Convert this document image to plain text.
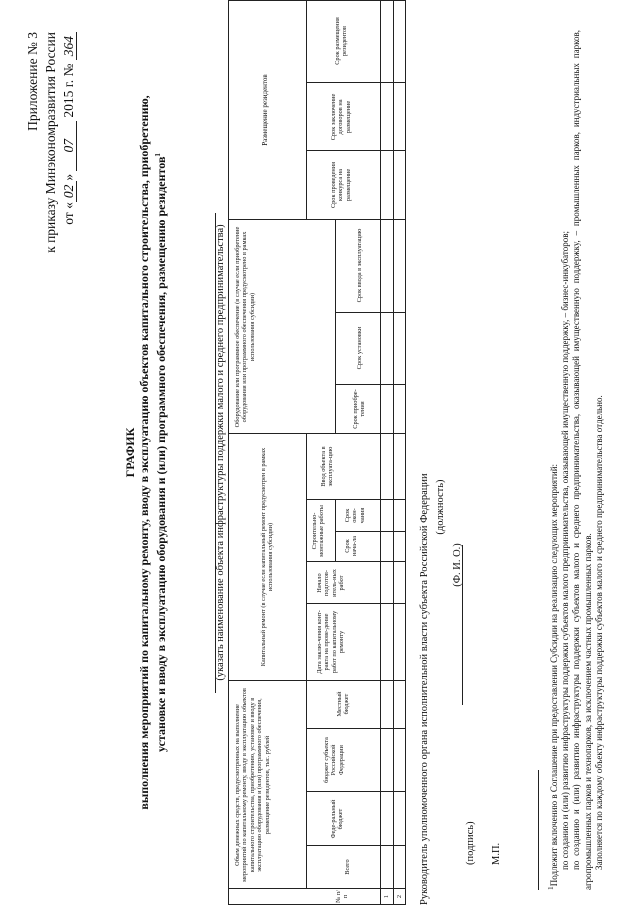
Приложение № 3 к приказу Минэкономразвития России от «02» 07 2015 г. № 364
ГРАФИК выполнения мероприятий по капитальному ремонту, вводу в эксплуатацию объектов капитального строительства, приобретению, установке и вводу в эксплуатацию оборудования и (или) программного обеспечения, размещению резидентов$^1$
(указать наименование объекта инфраструктуры поддержки малого и среднего предпринимательства)
№ п/п
Объем денежных средств, предусмотренных на выполнение мероприятий по капитальному ремонту, вводу в эксплуатацию объектов капитального строительства, приобретению, установке и вводу в эксплуатацию оборудования и (или) программного обеспечения, размещение резидентов, тыс. рублей
Всего
Феде-ральный бюджет
бюджет субъекта Российской Федерации
Местный бюджет
Капитальный ремонт (в случае если капитальный ремонт предусмотрен в рамках использования субсидии)
Дата заклю-чения конт-ракта на прове-дение работ по капитальному ремонту
Начало подготов-итель-ных работ
Строительно-монтажные работы	Срок нача-ла
Срок окон-чания
Ввод объекта в эксплуата-цию
Оборудование или программное обеспечение (в случае если приобретение оборудования или программного обеспечения предусмотрено в рамках использования субсидии)
Срок приобре-тения
Срок установки
Срок ввода в эксплуатацию
Размещение резидентов
Срок проведения конкурса на размещение
Срок заключение договоров на размещение
Срок размещения резидентов
1 2 Руководитель уполномоченного органа исполнительной власти субъекта Российской Федерации (должность)
(Ф. И. О.)
(подпись) М.П.
$^1$Подлежит включению в Соглашение при предоставлении Субсидии на реализацию следующих мероприятий: по созданию и (или) развитию инфраструктуры поддержки субъектов малого предпринимательства, оказывающей имущественную поддержку, – бизнес-инкубаторов; по созданию и (или) развитию инфраструктуры поддержки субъектов малого и среднего предпринимательства, оказывающей имущественную поддержку, – промышленных парков, индустриальных парков, агропромышленных парков и технопарков, за исключением частных промышленных парков. Заполняется по каждому объекту инфраструктуры поддержки субъектов малого и среднего предпринимательства отдельно.
